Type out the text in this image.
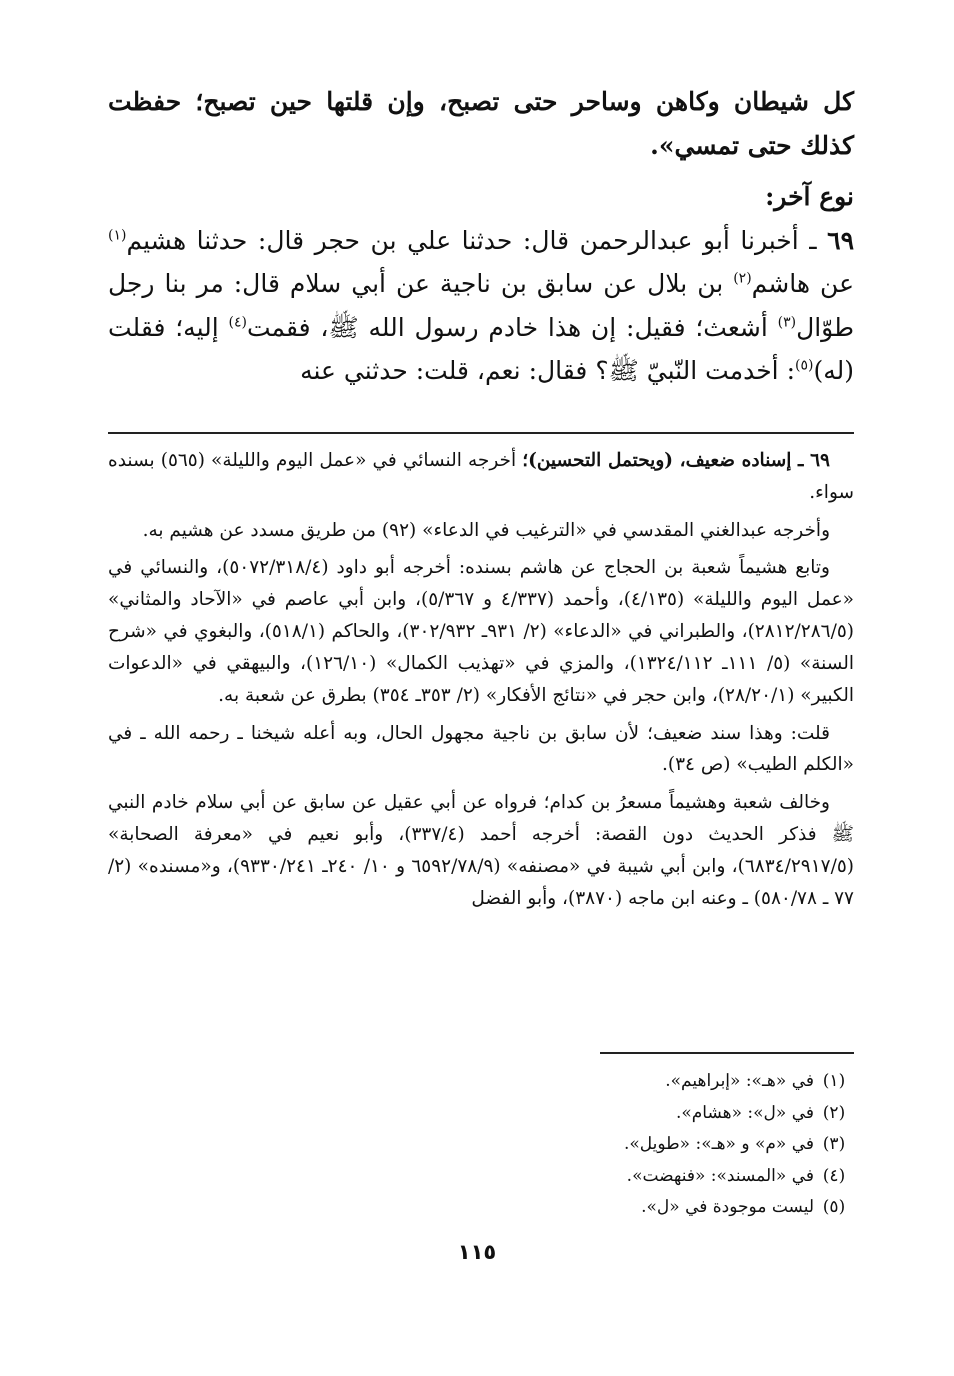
كل شيطان وكاهن وساحر حتى تصبح، وإن قلتها حين تصبح؛ حفظت كذلك حتى تمسي».

نوع آخر:

٦٩ ـ أخبرنا أبو عبدالرحمن قال: حدثنا علي بن حجر قال: حدثنا هشيم$^{(١)}$ عن هاشم$^{(٢)}$ بن بلال عن سابق بن ناجية عن أبي سلام قال: مر بنا رجل طوّال$^{(٣)}$ أشعث؛ فقيل: إن هذا خادم رسول الله ﷺ، فقمت$^{(٤)}$ إليه؛ فقلت (له)$^{(٥)}$: أخدمت النّبيّ ﷺ؟ فقال: نعم، قلت: حدثني عنه

٦٩ ـ إسناده ضعيف، (ويحتمل التحسين)؛ أخرجه النسائي في «عمل اليوم والليلة» (٥٦٥) بسنده سواء.

وأخرجه عبدالغني المقدسي في «الترغيب في الدعاء» (٩٢) من طريق مسدد عن هشيم به.

وتابع هشيماً شعبة بن الحجاج عن هاشم بسنده: أخرجه أبو داود (٥٠٧٢/٣١٨/٤)، والنسائي في «عمل اليوم والليلة» (٤/١٣٥)، وأحمد (٤/٣٣٧ و ٥/٣٦٧)، وابن أبي عاصم في «الآحاد والمثاني» (٢٨١٢/٢٨٦/٥)، والطبراني في «الدعاء» (٢/ ٩٣١ـ ٣٠٢/٩٣٢)، والحاكم (٥١٨/١)، والبغوي في «شرح السنة» (٥/ ١١١ـ ١٣٢٤/١١٢)، والمزي في «تهذيب الكمال» (١٢٦/١٠)، والبيهقي في «الدعوات الكبير» (٢٨/٢٠/١)، وابن حجر في «نتائج الأفكار» (٢/ ٣٥٣ـ ٣٥٤) بطرق عن شعبة به.

قلت: وهذا سند ضعيف؛ لأن سابق بن ناجية مجهول الحال، وبه أعله شيخنا ـ رحمه الله ـ في «الكلم الطيب» (ص ٣٤).

وخالف شعبة وهشيماً مسعرُ بن كدام؛ فرواه عن أبي عقيل عن سابق عن أبي سلام خادم النبي ﷺ فذكر الحديث دون القصة: أخرجه أحمد (٣٣٧/٤)، وأبو نعيم في «معرفة الصحابة» (٦٨٣٤/٢٩١٧/٥)، وابن أبي شيبة في «مصنفه» (٦٥٩٢/٧٨/٩ و ١٠/ ٢٤٠ـ ٩٣٣٠/٢٤١)، و«مسنده» (٢/ ٧٧ ـ ٥٨٠/٧٨) ـ وعنه ابن ماجه (٣٨٧٠)، وأبو الفضل

(١)
في «هـ»: «إبراهيم».
(٢)
في «ل»: «هشام».
(٣)
في «م» و «هـ»: «طويل».
(٤)
في «المسند»: «فنهضت».
(٥)
ليست موجودة في «ل».
١١٥
